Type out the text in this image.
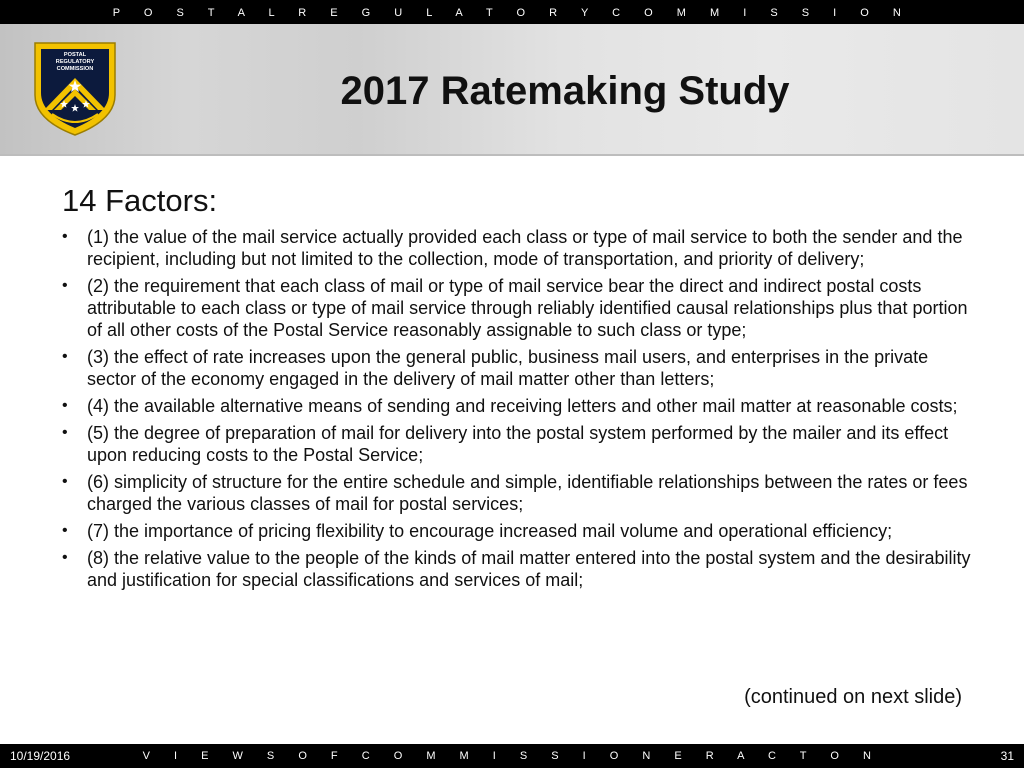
P O S T A L R E G U L A T O R Y C O M M I S S I O N
POSTAL
REGULATORY
COMMISSION	2017 Ratemaking Study
14 Factors:
• (1) the value of the mail service actually provided each class or type of mail service to both the sender and the recipient, including but not limited to the collection, mode of transportation, and priority of delivery;
• (2) the requirement that each class of mail or type of mail service bear the direct and indirect postal costs attributable to each class or type of mail service through reliably identified causal relationships plus that portion of all other costs of the Postal Service reasonably assignable to such class or type;
• (3) the effect of rate increases upon the general public, business mail users, and enterprises in the private sector of the economy engaged in the delivery of mail matter other than letters;
• (4) the available alternative means of sending and receiving letters and other mail matter at reasonable costs;
• (5) the degree of preparation of mail for delivery into the postal system performed by the mailer and its effect upon reducing costs to the Postal Service;
• (6) simplicity of structure for the entire schedule and simple, identifiable relationships between the rates or fees charged the various classes of mail for postal services;
• (7) the importance of pricing flexibility to encourage increased mail volume and operational efficiency;
• (8) the relative value to the people of the kinds of mail matter entered into the postal system and the desirability and justification for special classifications and services of mail;
(continued on next slide)
10/19/2016	V I E W S O F C O M M I S S I O N E R A C T O N	31
